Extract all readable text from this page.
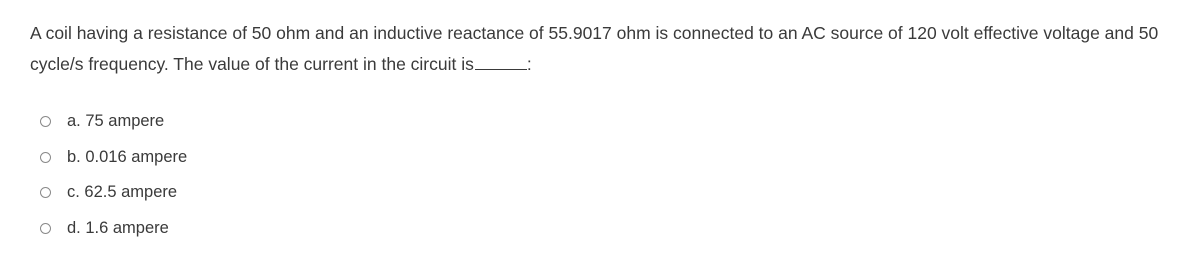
A coil having a resistance of 50 ohm and an inductive reactance of 55.9017 ohm is connected to an AC source of 120 volt effective voltage and 50 cycle/s frequency. The value of the current in the circuit is	:

a. 75 ampere
b. 0.016 ampere
c. 62.5 ampere
d. 1.6 ampere
